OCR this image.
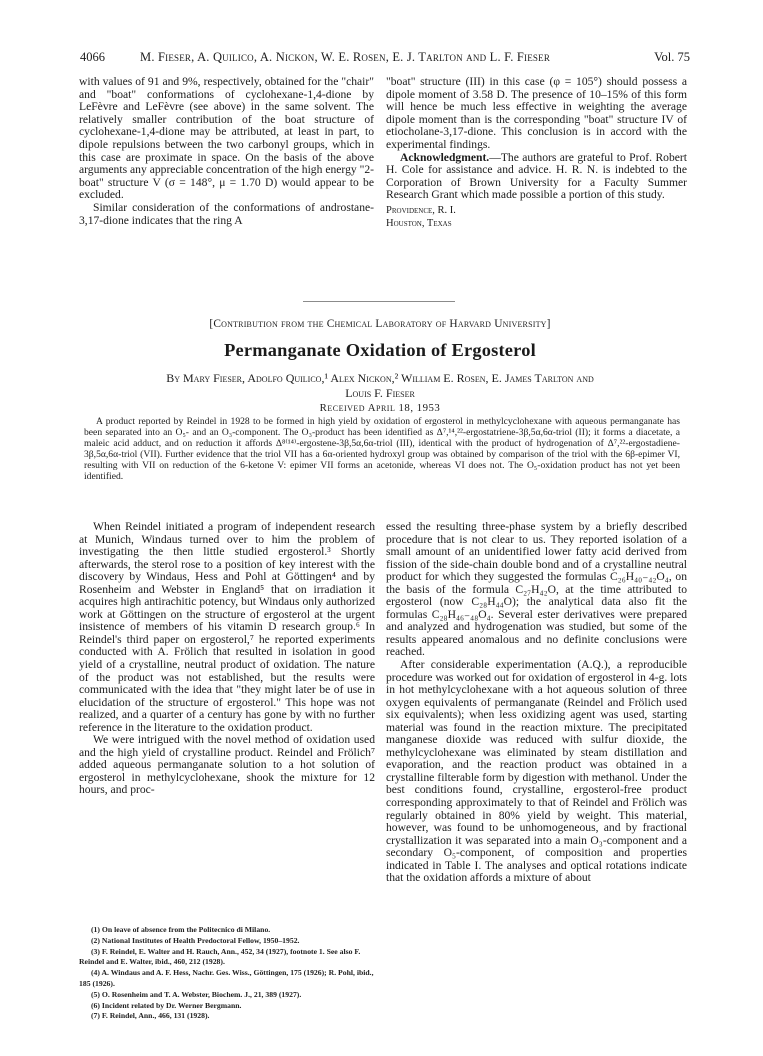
4066	M. Fieser, A. Quilico, A. Nickon, W. E. Rosen, E. J. Tarlton and L. F. Fieser	Vol. 75

with values of 91 and 9%, respectively, obtained for the "chair" and "boat" conformations of cyclohexane-1,4-dione by LeFèvre and LeFèvre (see above) in the same solvent. The relatively smaller contribution of the boat structure of cyclohexane-1,4-dione may be attributed, at least in part, to dipole repulsions between the two carbonyl groups, which in this case are proximate in space. On the basis of the above arguments any appreciable concentration of the high energy "2-boat" structure V (σ = 148°, μ = 1.70 D) would appear to be excluded.

Similar consideration of the conformations of androstane-3,17-dione indicates that the ring A

"boat" structure (III) in this case (φ = 105°) should possess a dipole moment of 3.58 D. The presence of 10–15% of this form will hence be much less effective in weighting the average dipole moment than is the corresponding "boat" structure IV of etiocholane-3,17-dione. This conclusion is in accord with the experimental findings.

Acknowledgment.—The authors are grateful to Prof. Robert H. Cole for assistance and advice. H. R. N. is indebted to the Corporation of Brown University for a Faculty Summer Research Grant which made possible a portion of this study.

Providence, R. I.
Houston, Texas
[Contribution from the Chemical Laboratory of Harvard University]
Permanganate Oxidation of Ergosterol
By Mary Fieser, Adolfo Quilico,¹ Alex Nickon,² William E. Rosen, E. James Tarlton and
Louis F. Fieser
Received April 18, 1953

A product reported by Reindel in 1928 to be formed in high yield by oxidation of ergosterol in methylcyclohexane with aqueous permanganate has been separated into an O₅- and an O₃-component. The O₃-product has been identified as Δ⁷,¹⁴,²²-ergostatriene-3β,5α,6α-triol (II); it forms a diacetate, a maleic acid adduct, and on reduction it affords Δ⁸⁽¹⁴⁾-ergostene-3β,5α,6α-triol (III), identical with the product of hydrogenation of Δ⁷,²²-ergostadiene-3β,5α,6α-triol (VII). Further evidence that the triol VII has a 6α-oriented hydroxyl group was obtained by comparison of the triol with the 6β-epimer VI, resulting with VII on reduction of the 6-ketone V: epimer VII forms an acetonide, whereas VI does not. The O₅-oxidation product has not yet been identified.

When Reindel initiated a program of independent research at Munich, Windaus turned over to him the problem of investigating the then little studied ergosterol.³ Shortly afterwards, the sterol rose to a position of key interest with the discovery by Windaus, Hess and Pohl at Göttingen⁴ and by Rosenheim and Webster in England⁵ that on irradiation it acquires high antirachitic potency, but Windaus only authorized work at Göttingen on the structure of ergosterol at the urgent insistence of members of his vitamin D research group.⁶ In Reindel's third paper on ergosterol,⁷ he reported experiments conducted with A. Frölich that resulted in isolation in good yield of a crystalline, neutral product of oxidation. The nature of the product was not established, but the results were communicated with the idea that "they might later be of use in elucidation of the structure of ergosterol." This hope was not realized, and a quarter of a century has gone by with no further reference in the literature to the oxidation product.

We were intrigued with the novel method of oxidation used and the high yield of crystalline product. Reindel and Frölich⁷ added aqueous permanganate solution to a hot solution of ergosterol in methylcyclohexane, shook the mixture for 12 hours, and proc-

essed the resulting three-phase system by a briefly described procedure that is not clear to us. They reported isolation of a small amount of an unidentified lower fatty acid derived from fission of the side-chain double bond and of a crystalline neutral product for which they suggested the formulas C₂₆H₄₀₋₄₂O₄, on the basis of the formula C₂₇H₄₂O, at the time attributed to ergosterol (now C₂₈H₄₄O); the analytical data also fit the formulas C₂₈H₄₆₋₄₈O₄. Several ester derivatives were prepared and analyzed and hydrogenation was studied, but some of the results appeared anomalous and no definite conclusions were reached.

After considerable experimentation (A.Q.), a reproducible procedure was worked out for oxidation of ergosterol in 4-g. lots in hot methylcyclohexane with a hot aqueous solution of three oxygen equivalents of permanganate (Reindel and Frölich used six equivalents); when less oxidizing agent was used, starting material was found in the reaction mixture. The precipitated manganese dioxide was reduced with sulfur dioxide, the methylcyclohexane was eliminated by steam distillation and evaporation, and the reaction product was obtained in a crystalline filterable form by digestion with methanol. Under the best conditions found, crystalline, ergosterol-free product corresponding approximately to that of Reindel and Frölich was regularly obtained in 80% yield by weight. This material, however, was found to be unhomogeneous, and by fractional crystallization it was separated into a main O₃-component and a secondary O₅-component, of composition and properties indicated in Table I. The analyses and optical rotations indicate that the oxidation affords a mixture of about

(1) On leave of absence from the Politecnico di Milano.

(2) National Institutes of Health Predoctoral Fellow, 1950–1952.

(3) F. Reindel, E. Walter and H. Rauch, Ann., 452, 34 (1927), footnote 1. See also F. Reindel and E. Walter, ibid., 460, 212 (1928).

(4) A. Windaus and A. F. Hess, Nachr. Ges. Wiss., Göttingen, 175 (1926); R. Pohl, ibid., 185 (1926).

(5) O. Rosenheim and T. A. Webster, Biochem. J., 21, 389 (1927).

(6) Incident related by Dr. Werner Bergmann.

(7) F. Reindel, Ann., 466, 131 (1928).
